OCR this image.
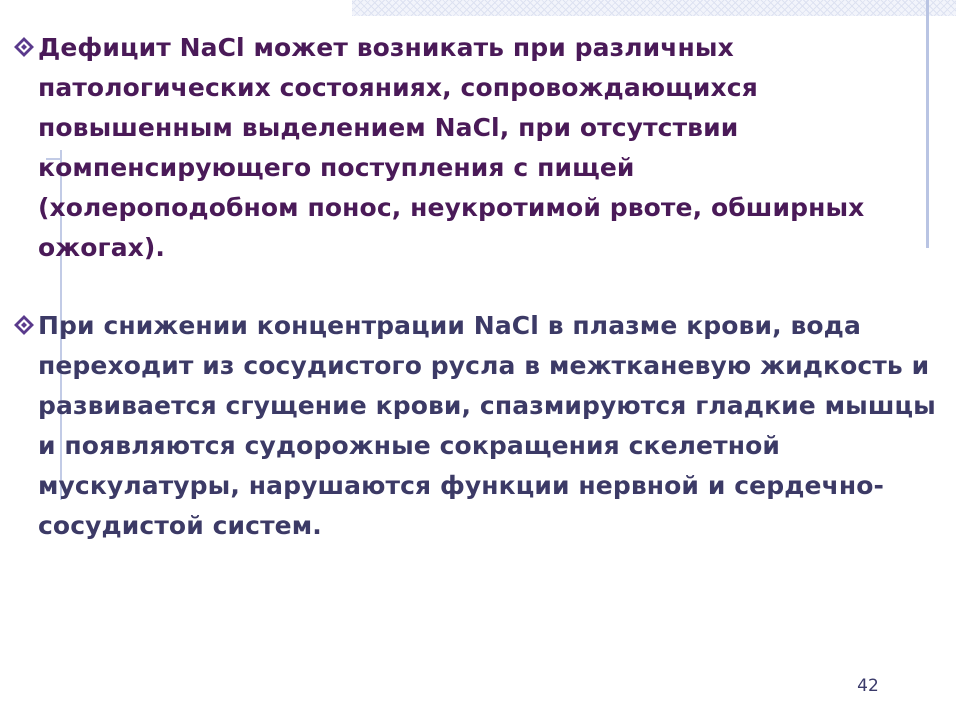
Дефицит NaCl может возникать при различных патологических состояниях, сопровождающихся повышенным выделением NaCl, при отсутствии компенсирующего поступления с пищей (холероподобном понос, неукротимой рвоте, обширных ожогах).

При снижении концентрации NaCl в плазме крови, вода переходит из сосудистого русла в межтканевую жидкость и развивается сгущение крови, спазмируются гладкие мышцы и появляются судорожные сокращения скелетной мускулатуры, нарушаются функции нервной и сердечно-сосудистой систем.

42
